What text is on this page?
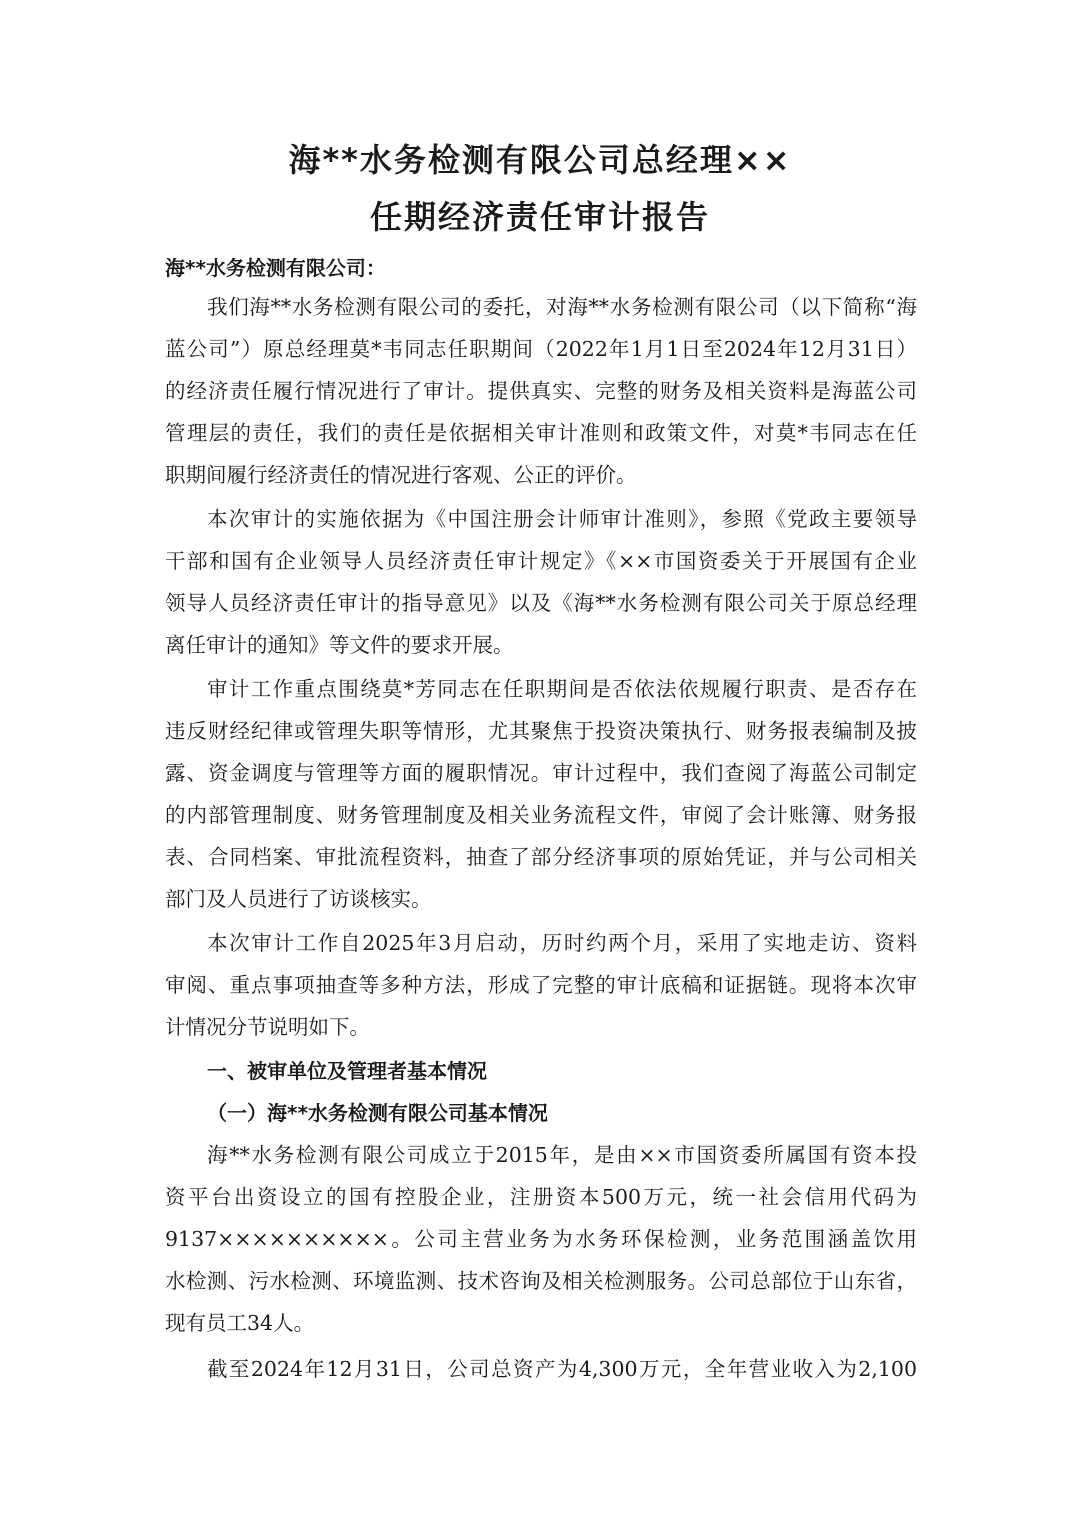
海**水务检测有限公司总经理××
任期经济责任审计报告
海**水务检测有限公司：
我们海**水务检测有限公司的委托，对海**水务检测有限公司（以下简称“海
蓝公司”）原总经理莫*韦同志任职期间（2022年1月1日至2024年12月31日）
的经济责任履行情况进行了审计。提供真实、完整的财务及相关资料是海蓝公司
管理层的责任，我们的责任是依据相关审计准则和政策文件，对莫*韦同志在任
职期间履行经济责任的情况进行客观、公正的评价。
本次审计的实施依据为《中国注册会计师审计准则》，参照《党政主要领导
干部和国有企业领导人员经济责任审计规定》《××市国资委关于开展国有企业
领导人员经济责任审计的指导意见》以及《海**水务检测有限公司关于原总经理
离任审计的通知》等文件的要求开展。
审计工作重点围绕莫*芳同志在任职期间是否依法依规履行职责、是否存在
违反财经纪律或管理失职等情形，尤其聚焦于投资决策执行、财务报表编制及披
露、资金调度与管理等方面的履职情况。审计过程中，我们查阅了海蓝公司制定
的内部管理制度、财务管理制度及相关业务流程文件，审阅了会计账簿、财务报
表、合同档案、审批流程资料，抽查了部分经济事项的原始凭证，并与公司相关
部门及人员进行了访谈核实。
本次审计工作自2025年3月启动，历时约两个月，采用了实地走访、资料
审阅、重点事项抽查等多种方法，形成了完整的审计底稿和证据链。现将本次审
计情况分节说明如下。
一、被审单位及管理者基本情况
（一）海**水务检测有限公司基本情况
海**水务检测有限公司成立于2015年，是由××市国资委所属国有资本投
资平台出资设立的国有控股企业，注册资本500万元，统一社会信用代码为
9137××××××××××。公司主营业务为水务环保检测，业务范围涵盖饮用
水检测、污水检测、环境监测、技术咨询及相关检测服务。公司总部位于山东省，
现有员工34人。
截至2024年12月31日，公司总资产为4,300万元，全年营业收入为2,100
